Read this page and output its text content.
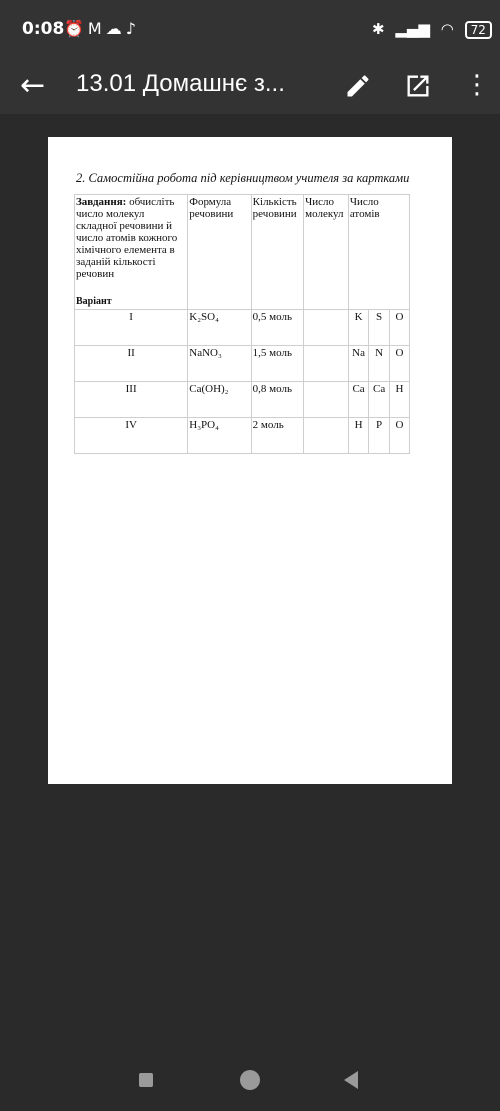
0:08 ⏰M☁♪	✱ ▂▄▆ ◠ 72
← 13.01 Домашнє з...	⋮
2. Самостійна робота під керівництвом учителя за картками
Завдання: обчисліть число молекул складної речовини й число атомів кожного хімічного елемента в заданій кількості речовин
Варіант	Формула речовини	Кількість речовини	Число молекул	Число атомів		
I	K₂SO₄	0,5 моль		K	S	O
II	NaNO₃	1,5 моль		Na	N	O
III	Ca(OH)₂	0,8 моль		Ca	Ca	H
IV	H₃PO₄	2 моль		H	P	O
